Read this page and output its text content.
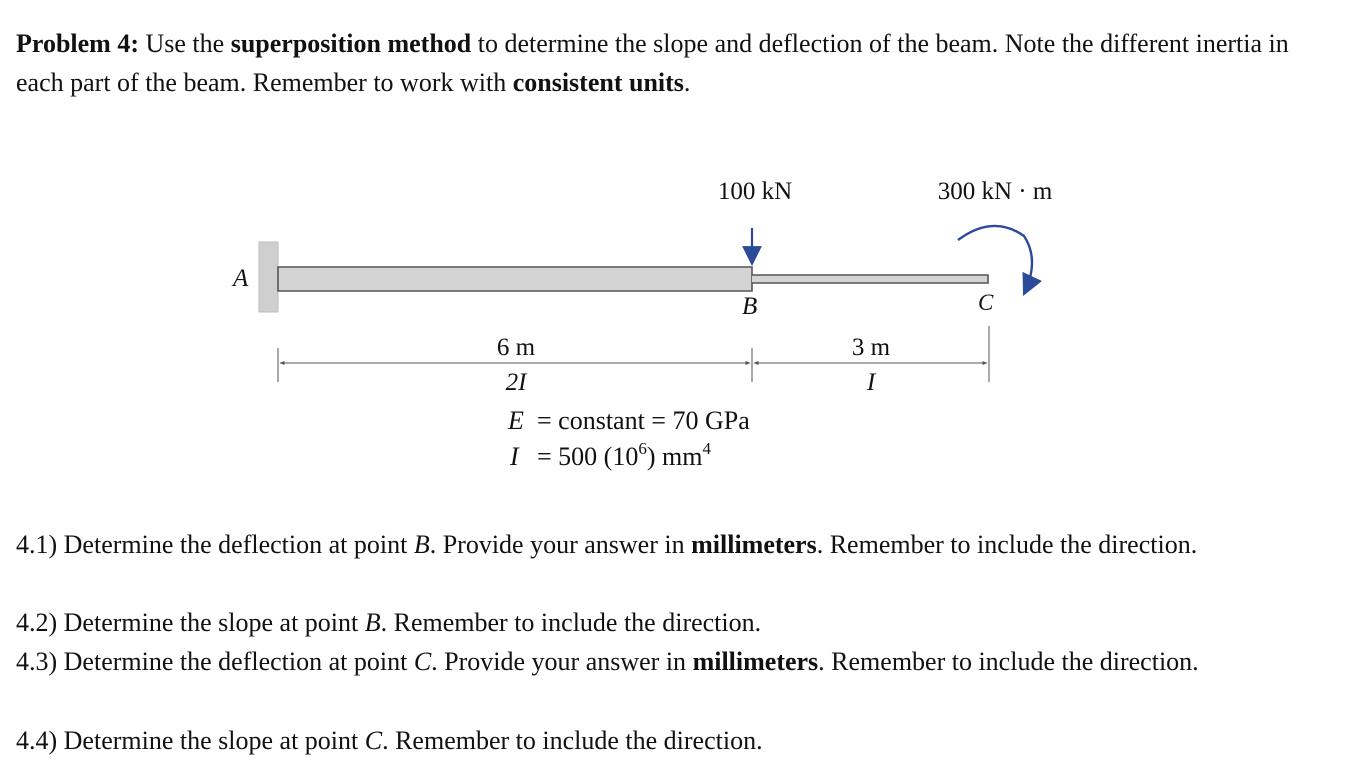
Problem 4: Use the superposition method to determine the slope and deflection of the beam. Note the different inertia in each part of the beam. Remember to work with consistent units.

100 kN	300 kN · m
A
B	C
6 m
2I
3 m
I
E = constant = 70 GPa
I = 500 $(10^6)$ $mm^4$

4.1) Determine the deflection at point B. Provide your answer in millimeters. Remember to include the direction.

4.2) Determine the slope at point B. Remember to include the direction.

4.3) Determine the deflection at point C. Provide your answer in millimeters. Remember to include the direction.

4.4) Determine the slope at point C. Remember to include the direction.
